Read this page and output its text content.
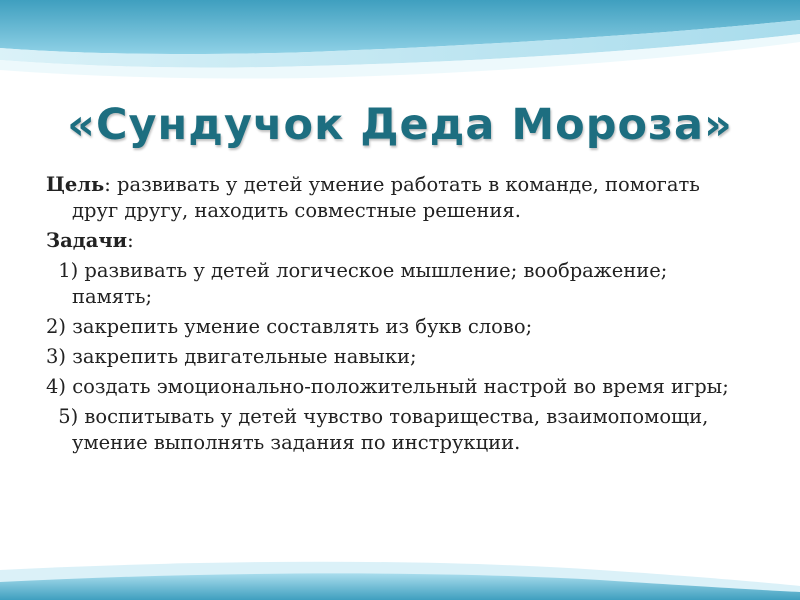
«Сундучок Деда Мороза»

Цель: развивать у детей умение работать в команде, помогать друг другу, находить совместные решения.

Задачи:

1) развивать у детей логическое мышление; воображение; память;

2) закрепить умение составлять из букв слово;

3) закрепить двигательные навыки;

4) создать эмоционально-положительный настрой во время игры;

5) воспитывать у детей чувство товарищества, взаимопомощи, умение выполнять задания по инструкции.
